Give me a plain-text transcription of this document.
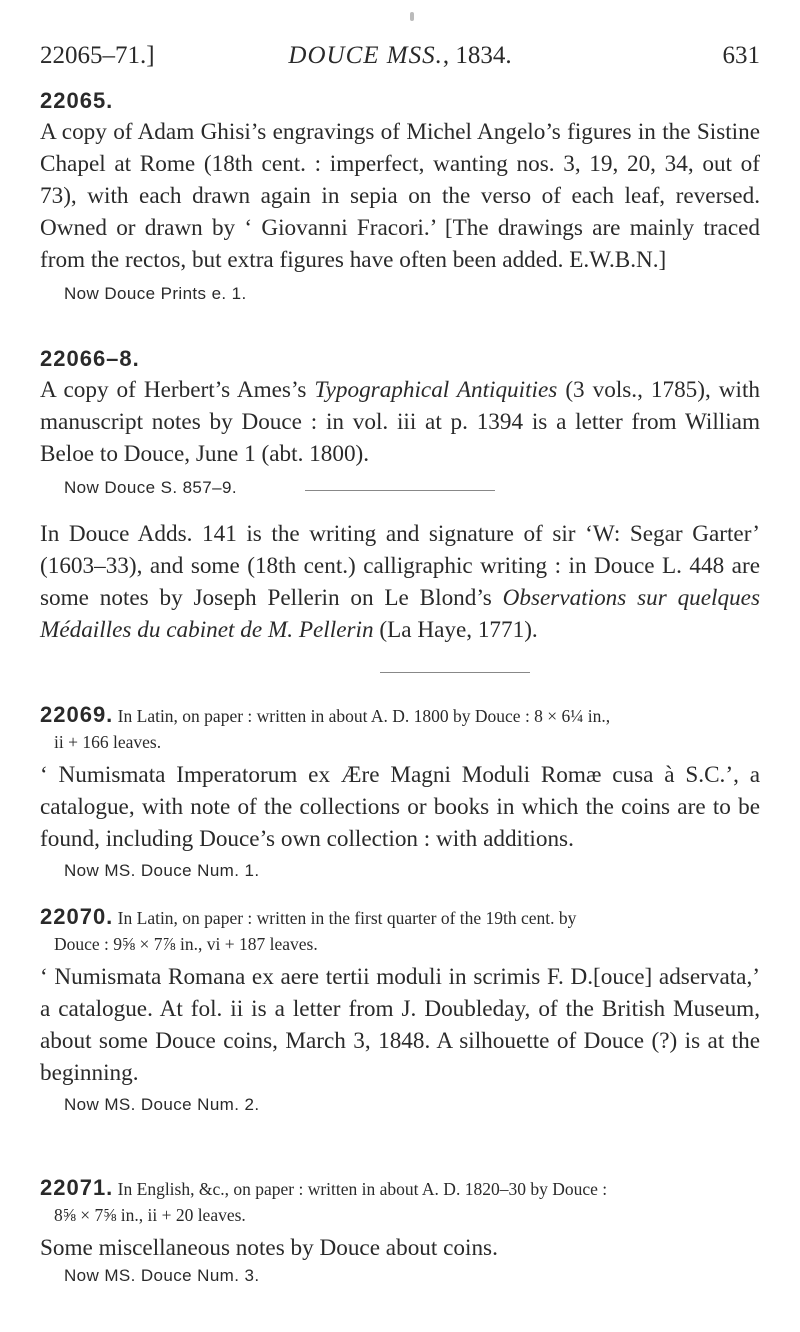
22065–71.]	DOUCE MSS., 1834.	631
22065.
A copy of Adam Ghisi’s engravings of Michel Angelo’s figures in the Sistine Chapel at Rome (18th cent. : imperfect, wanting nos. 3, 19, 20, 34, out of 73), with each drawn again in sepia on the verso of each leaf, reversed. Owned or drawn by ‘ Giovanni Fracori.’ [The drawings are mainly traced from the rectos, but extra figures have often been added. E.W.B.N.]
Now Douce Prints e. 1.
22066–8.
A copy of Herbert’s Ames’s Typographical Antiquities (3 vols., 1785), with manuscript notes by Douce : in vol. iii at p. 1394 is a letter from William Beloe to Douce, June 1 (abt. 1800).
Now Douce S. 857–9.
In Douce Adds. 141 is the writing and signature of sir ‘W: Segar Garter’ (1603–33), and some (18th cent.) calligraphic writing : in Douce L. 448 are some notes by Joseph Pellerin on Le Blond’s Observations sur quelques Médailles du cabinet de M. Pellerin (La Haye, 1771).
22069. In Latin, on paper : written in about A. D. 1800 by Douce : 8 × 6¼ in.,
ii + 166 leaves.
‘ Numismata Imperatorum ex Ære Magni Moduli Romæ cusa à S.C.’, a catalogue, with note of the collections or books in which the coins are to be found, including Douce’s own collection : with additions.
Now MS. Douce Num. 1.
22070. In Latin, on paper : written in the first quarter of the 19th cent. by
Douce : 9⅝ × 7⅞ in., vi + 187 leaves.
‘ Numismata Romana ex aere tertii moduli in scrimis F. D.[ouce] adservata,’ a catalogue. At fol. ii is a letter from J. Doubleday, of the British Museum, about some Douce coins, March 3, 1848. A silhouette of Douce (?) is at the beginning.
Now MS. Douce Num. 2.
22071. In English, &c., on paper : written in about A. D. 1820–30 by Douce :
8⅝ × 7⅝ in., ii + 20 leaves.
Some miscellaneous notes by Douce about coins.
Now MS. Douce Num. 3.
